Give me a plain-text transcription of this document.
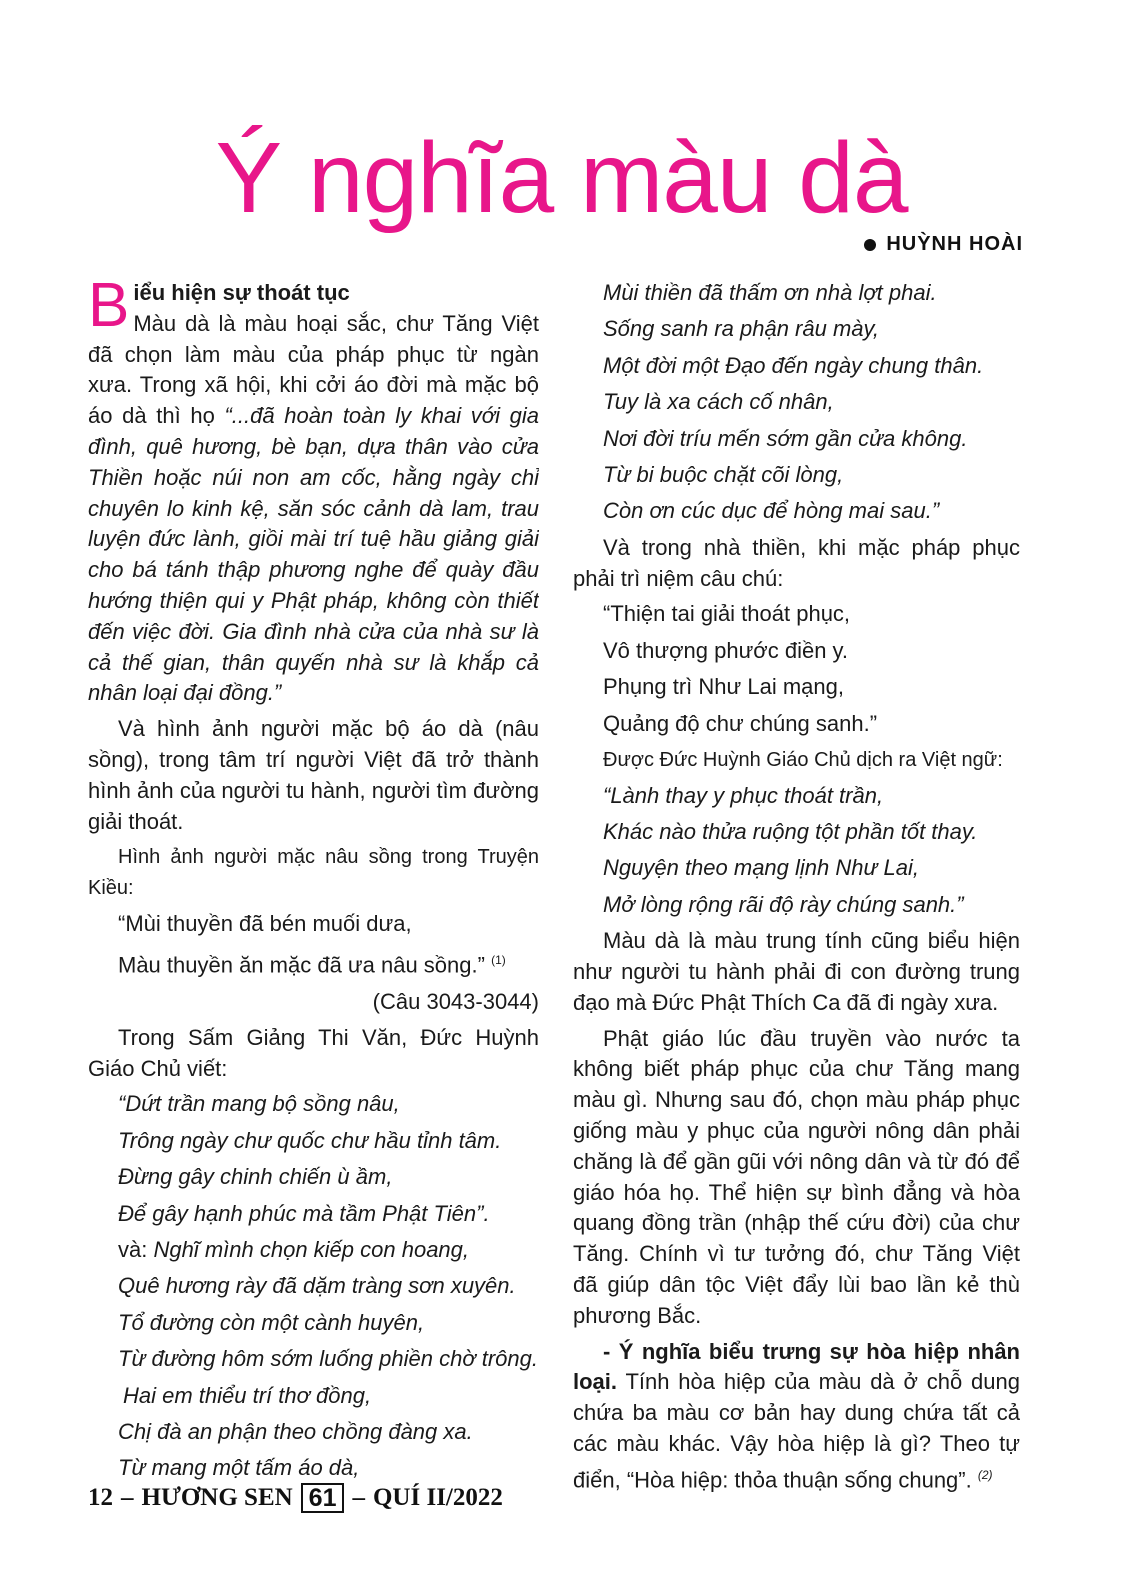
Ý nghĩa màu dà
HUỲNH HOÀI

Biểu hiện sự thoát tục
Màu dà là màu hoại sắc, chư Tăng Việt đã chọn làm màu của pháp phục từ ngàn xưa. Trong xã hội, khi cởi áo đời mà mặc bộ áo dà thì họ “...đã hoàn toàn ly khai với gia đình, quê hương, bè bạn, dựa thân vào cửa Thiền hoặc núi non am cốc, hằng ngày chỉ chuyên lo kinh kệ, săn sóc cảnh dà lam, trau luyện đức lành, giồi mài trí tuệ hầu giảng giải cho bá tánh thập phương nghe để quày đầu hướng thiện qui y Phật pháp, không còn thiết đến việc đời. Gia đình nhà cửa của nhà sư là cả thế gian, thân quyến nhà sư là khắp cả nhân loại đại đồng.”

Và hình ảnh người mặc bộ áo dà (nâu sồng), trong tâm trí người Việt đã trở thành hình ảnh của người tu hành, người tìm đường giải thoát.

Hình ảnh người mặc nâu sồng trong Truyện Kiều:

“Mùi thuyền đã bén muối dưa,

Màu thuyền ăn mặc đã ưa nâu sồng.” $^{(1)}$

(Câu 3043-3044)

Trong Sấm Giảng Thi Văn, Đức Huỳnh Giáo Chủ viết:

“Dứt trần mang bộ sồng nâu,

Trông ngày chư quốc chư hầu tỉnh tâm.

Đừng gây chinh chiến ù ầm,

Để gây hạnh phúc mà tầm Phật Tiên”.

và: Nghĩ mình chọn kiếp con hoang,

Quê hương rày đã dặm tràng sơn xuyên.

Tổ đường còn một cành huyên,

Từ đường hôm sớm luống phiền chờ trông.

Hai em thiểu trí thơ đồng,

Chị đà an phận theo chồng đàng xa.

Từ mang một tấm áo dà,

Mùi thiền đã thấm ơn nhà lợt phai.

Sống sanh ra phận râu mày,

Một đời một Đạo đến ngày chung thân.

Tuy là xa cách cố nhân,

Nơi đời tríu mến sớm gần cửa không.

Từ bi buộc chặt cõi lòng,

Còn ơn cúc dục để hòng mai sau.”

Và trong nhà thiền, khi mặc pháp phục phải trì niệm câu chú:

“Thiện tai giải thoát phục,

Vô thượng phước điền y.

Phụng trì Như Lai mạng,

Quảng độ chư chúng sanh.”

Được Đức Huỳnh Giáo Chủ dịch ra Việt ngữ:

“Lành thay y phục thoát trần,

Khác nào thửa ruộng tột phần tốt thay.

Nguyện theo mạng lịnh Như Lai,

Mở lòng rộng rãi độ rày chúng sanh.”

Màu dà là màu trung tính cũng biểu hiện như người tu hành phải đi con đường trung đạo mà Đức Phật Thích Ca đã đi ngày xưa.

Phật giáo lúc đầu truyền vào nước ta không biết pháp phục của chư Tăng mang màu gì. Nhưng sau đó, chọn màu pháp phục giống màu y phục của người nông dân phải chăng là để gần gũi với nông dân và từ đó để giáo hóa họ. Thể hiện sự bình đẳng và hòa quang đồng trần (nhập thế cứu đời) của chư Tăng. Chính vì tư tưởng đó, chư Tăng Việt đã giúp dân tộc Việt đẩy lùi bao lần kẻ thù phương Bắc.

- Ý nghĩa biểu trưng sự hòa hiệp nhân loại. Tính hòa hiệp của màu dà ở chỗ dung chứa ba màu cơ bản hay dung chứa tất cả các màu khác. Vậy hòa hiệp là gì? Theo tự điển, “Hòa hiệp: thỏa thuận sống chung”. $^{(2)}$

12 – HƯƠNG SEN 61 – QUÍ II/2022
